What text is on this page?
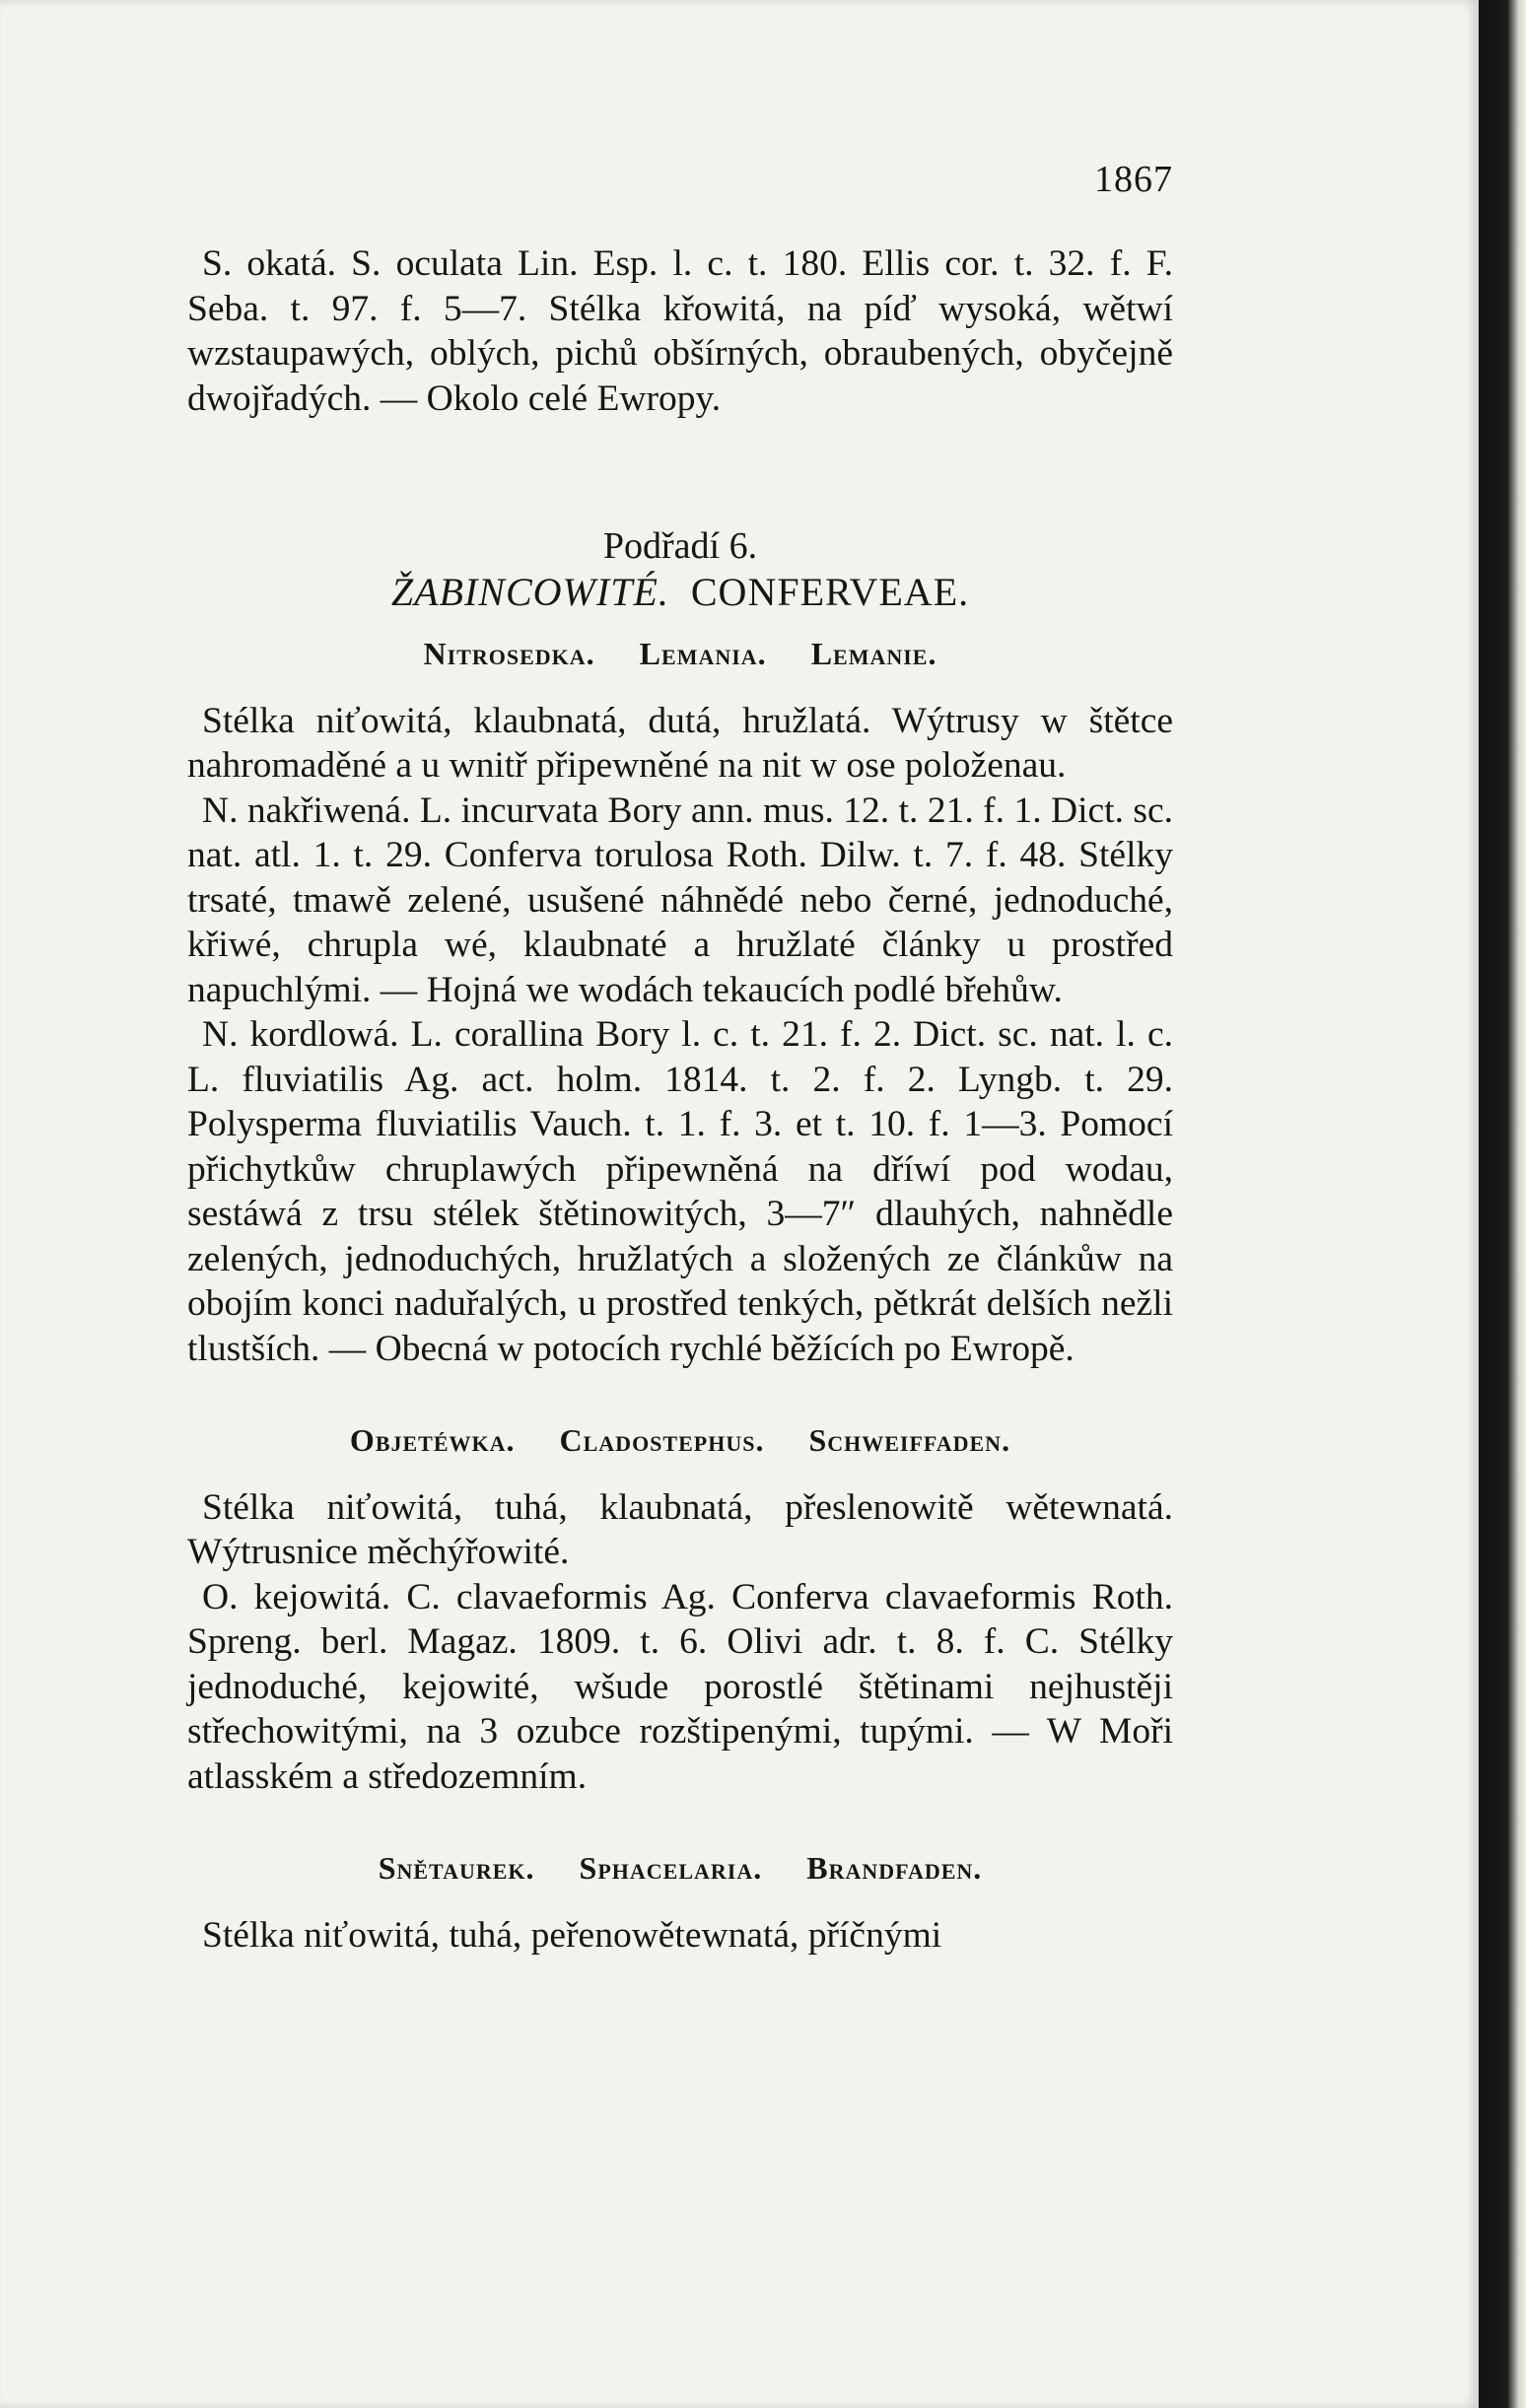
1867

S. okatá. S. oculata Lin. Esp. l. c. t. 180. Ellis cor. t. 32. f. F. Seba. t. 97. f. 5—7. Stélka křowitá, na píď wysoká, wětwí wzstaupawých, oblých, pichů obšírných, obraubených, obyčejně dwojřadých. — Okolo celé Ewropy.

Podřadí 6.

ŽABINCOWITÉ. CONFERVEAE.

Nitrosedka. Lemania. Lemanie.

Stélka niťowitá, klaubnatá, dutá, hružlatá. Wýtrusy w štětce nahromaděné a u wnitř připewněné na nit w ose položenau.

N. nakřiwená. L. incurvata Bory ann. mus. 12. t. 21. f. 1. Dict. sc. nat. atl. 1. t. 29. Conferva torulosa Roth. Dilw. t. 7. f. 48. Stélky trsaté, tmawě zelené, usušené náhnědé nebo černé, jednoduché, křiwé, chrupla wé, klaubnaté a hružlaté články u prostřed napuchlými. — Hojná we wodách tekaucích podlé břehůw.

N. kordlowá. L. corallina Bory l. c. t. 21. f. 2. Dict. sc. nat. l. c. L. fluviatilis Ag. act. holm. 1814. t. 2. f. 2. Lyngb. t. 29. Polysperma fluviatilis Vauch. t. 1. f. 3. et t. 10. f. 1—3. Pomocí přichytkůw chruplawých připewněná na dříwí pod wodau, sestáwá z trsu stélek štětinowitých, 3—7″ dlauhých, nahnědle zelených, jednoduchých, hružlatých a složených ze článkůw na obojím konci naduřalých, u prostřed tenkých, pětkrát delších nežli tlustších. — Obecná w potocích rychlé běžících po Ewropě.

Objetéwka. Cladostephus. Schweiffaden.

Stélka niťowitá, tuhá, klaubnatá, přeslenowitě wětewnatá. Wýtrusnice měchýřowité.

O. kejowitá. C. clavaeformis Ag. Conferva clavaeformis Roth. Spreng. berl. Magaz. 1809. t. 6. Olivi adr. t. 8. f. C. Stélky jednoduché, kejowité, wšude porostlé štětinami nejhustěji střechowitými, na 3 ozubce rozštipenými, tupými. — W Moři atlasském a středozemním.

Snětaurek. Sphacelaria. Brandfaden.

Stélka niťowitá, tuhá, peřenowětewnatá, příčnými
